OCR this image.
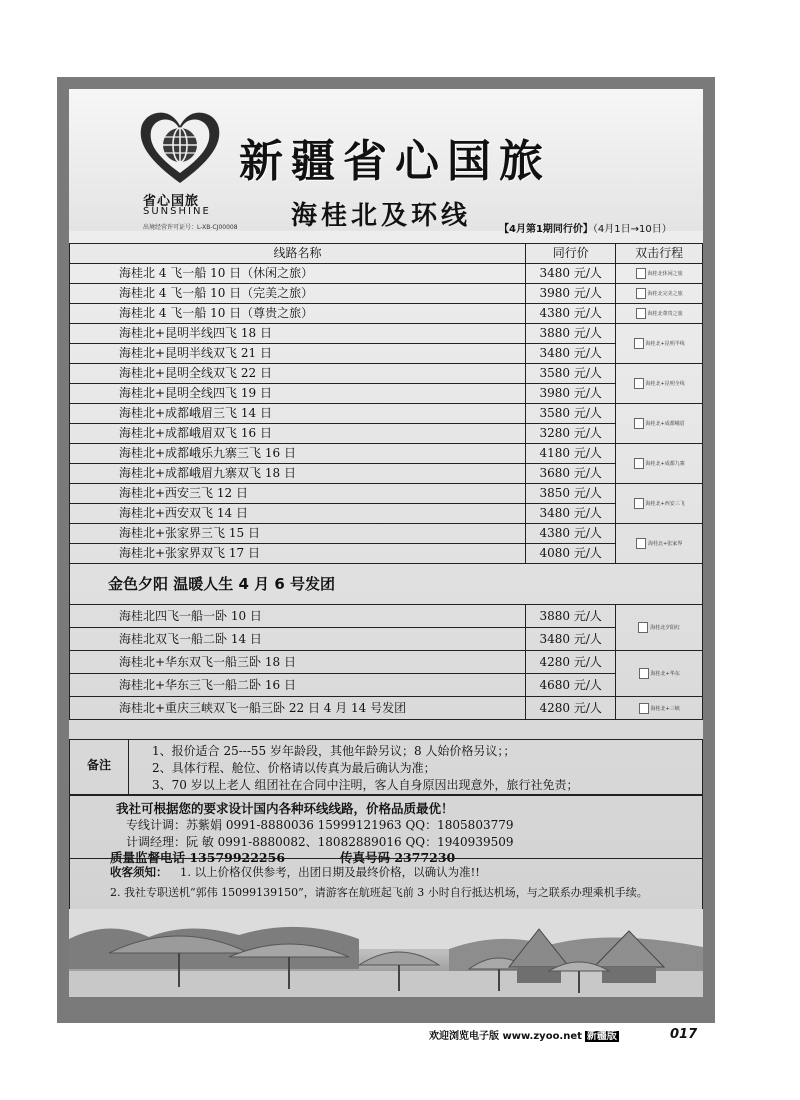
省心国旅
SUNSHINE
出境经营许可证号：L-XB-CJ00008
新疆省心国旅
海桂北及环线	【4月第1期同行价】（4月1日→10日）
线路名称	同行价	双击行程
海桂北 4 飞一船 10 日（休闲之旅）	3480 元/人	海桂北休闲之旅
海桂北 4 飞一船 10 日（完美之旅）	3980 元/人	海桂北完美之旅
海桂北 4 飞一船 10 日（尊贵之旅）	4380 元/人	海桂北尊贵之旅
海桂北+昆明半线四飞 18 日	3880 元/人	海桂北+昆明半线
海桂北+昆明半线双飞 21 日	3480 元/人	
海桂北+昆明全线双飞 22 日	3580 元/人	海桂北+昆明全线
海桂北+昆明全线四飞 19 日	3980 元/人	
海桂北+成都峨眉三飞 14 日	3580 元/人	海桂北+成都峨眉
海桂北+成都峨眉双飞 16 日	3280 元/人	
海桂北+成都峨乐九寨三飞 16 日	4180 元/人	海桂北+成都九寨
海桂北+成都峨眉九寨双飞 18 日	3680 元/人	
海桂北+西安三飞 12 日	3850 元/人	海桂北+西安三飞
海桂北+西安双飞 14 日	3480 元/人	
海桂北+张家界三飞 15 日	4380 元/人	海桂北+张家界
海桂北+张家界双飞 17 日	4080 元/人	
金色夕阳 温暖人生 4 月 6 号发团		
海桂北四飞一船一卧 10 日	3880 元/人	海桂北夕阳红
海桂北双飞一船二卧 14 日	3480 元/人	
海桂北+华东双飞一船三卧 18 日	4280 元/人	海桂北+华东
海桂北+华东三飞一船二卧 16 日	4680 元/人	
海桂北+重庆三峡双飞一船三卧 22 日 4 月 14 号发团	4280 元/人	海桂北+三峡
备注
1、报价适合 25---55 岁年龄段，其他年龄另议；8 人始价格另议；；
2、具体行程、舱位、价格请以传真为最后确认为准；
3、70 岁以上老人 组团社在合同中注明，客人自身原因出现意外，旅行社免责；
我社可根据您的要求设计国内各种环线线路，价格品质最优！
专线计调：苏紫娟 0991-8880036 15999121963 QQ：1805803779
计调经理：阮 敏 0991-8880082、18082889016 QQ：1940939509
质量监督电话 13579922256	传真号码 2377230
收客须知： 1. 以上价格仅供参考，出团日期及最终价格，以确认为准!!
2. 我社专职送机“郭伟 15099139150”，请游客在航班起飞前 3 小时自行抵达机场，与之联系办理乘机手续。
欢迎浏览电子版 www.zyoo.net 新疆版	017
